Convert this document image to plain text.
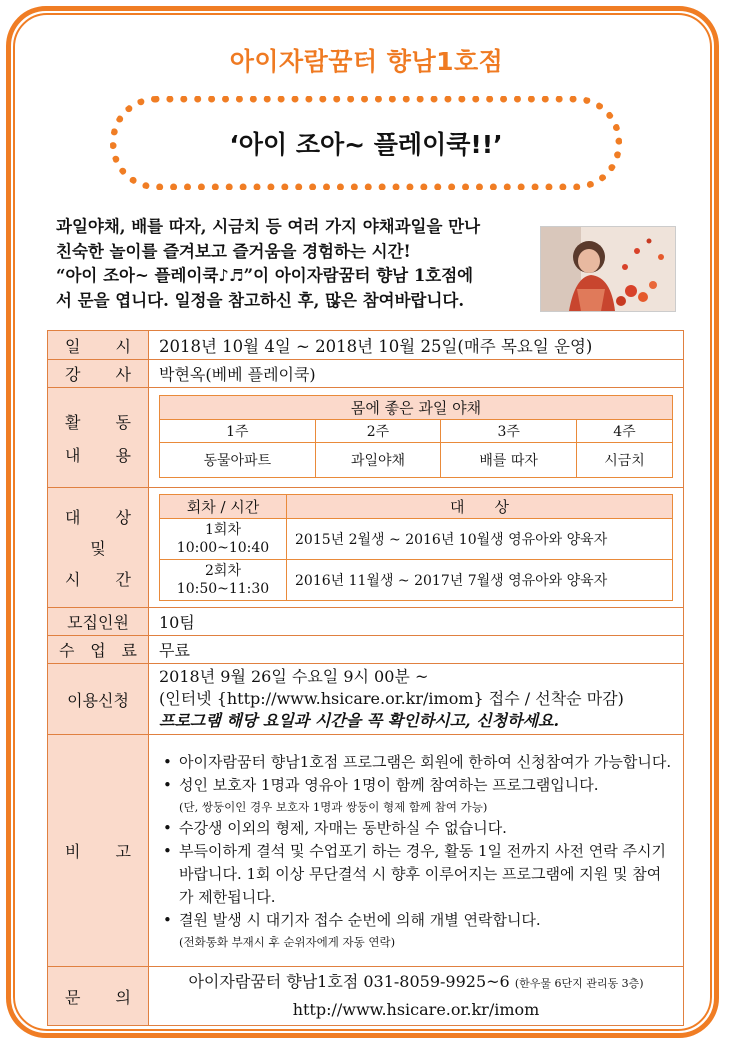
아이자람꿈터 향남1호점
‘아이 조아~ 플레이쿡!!’

과일야채, 배를 따자, 시금치 등 여러 가지 야채과일을 만나

친숙한 놀이를 즐겨보고 즐거움을 경험하는 시간!

“아이 조아~ 플레이쿡♪♬”이 아이자람꿈터 향남 1호점에

서 문을 엽니다. 일정을 참고하신 후, 많은 참여바랍니다.

일 시	2018년 10월 4일 ~ 2018년 10월 25일(매주 목요일 운영)

강 사	박현옥(베베 플레이쿡)

활 동
내 용

몸에 좋은 과일 야채
1주	2주	3주	4주
동물아파트	과일야채	배를 따자	시금치

대 상
및
시 간

회차 / 시간	대　　상

1회차
10:00~10:40	2015년 2월생 ~ 2016년 10월생 영유아와 양육자

2회차
10:50~11:30	2016년 11월생 ~ 2017년 7월생 영유아와 양육자

모집인원	10팀

수 업 료	무료
이용신청	
2018년 9월 26일 수요일 9시 00분 ~
(인터넷 {http://www.hsicare.or.kr/imom} 접수 / 선착순 마감)
프로그램 해당 요일과 시간을 꼭 확인하시고, 신청하세요.

비 고

• 아이자람꿈터 향남1호점 프로그램은 회원에 한하여 신청참여가 가능합니다.
• 성인 보호자 1명과 영유아 1명이 함께 참여하는 프로그램입니다.
(단, 쌍둥이인 경우 보호자 1명과 쌍둥이 형제 함께 참여 가능)
• 수강생 이외의 형제, 자매는 동반하실 수 없습니다.
• 부득이하게 결석 및 수업포기 하는 경우, 활동 1일 전까지 사전 연락 주시기 바랍니다. 1회 이상 무단결석 시 향후 이루어지는 프로그램에 지원 및 참여가 제한됩니다.
• 결원 발생 시 대기자 접수 순번에 의해 개별 연락합니다.
(전화통화 부재시 후 순위자에게 자동 연락)

문 의

아이자람꿈터 향남1호점 031-8059-9925~6 (한우물 6단지 관리동 3층)
http://www.hsicare.or.kr/imom
